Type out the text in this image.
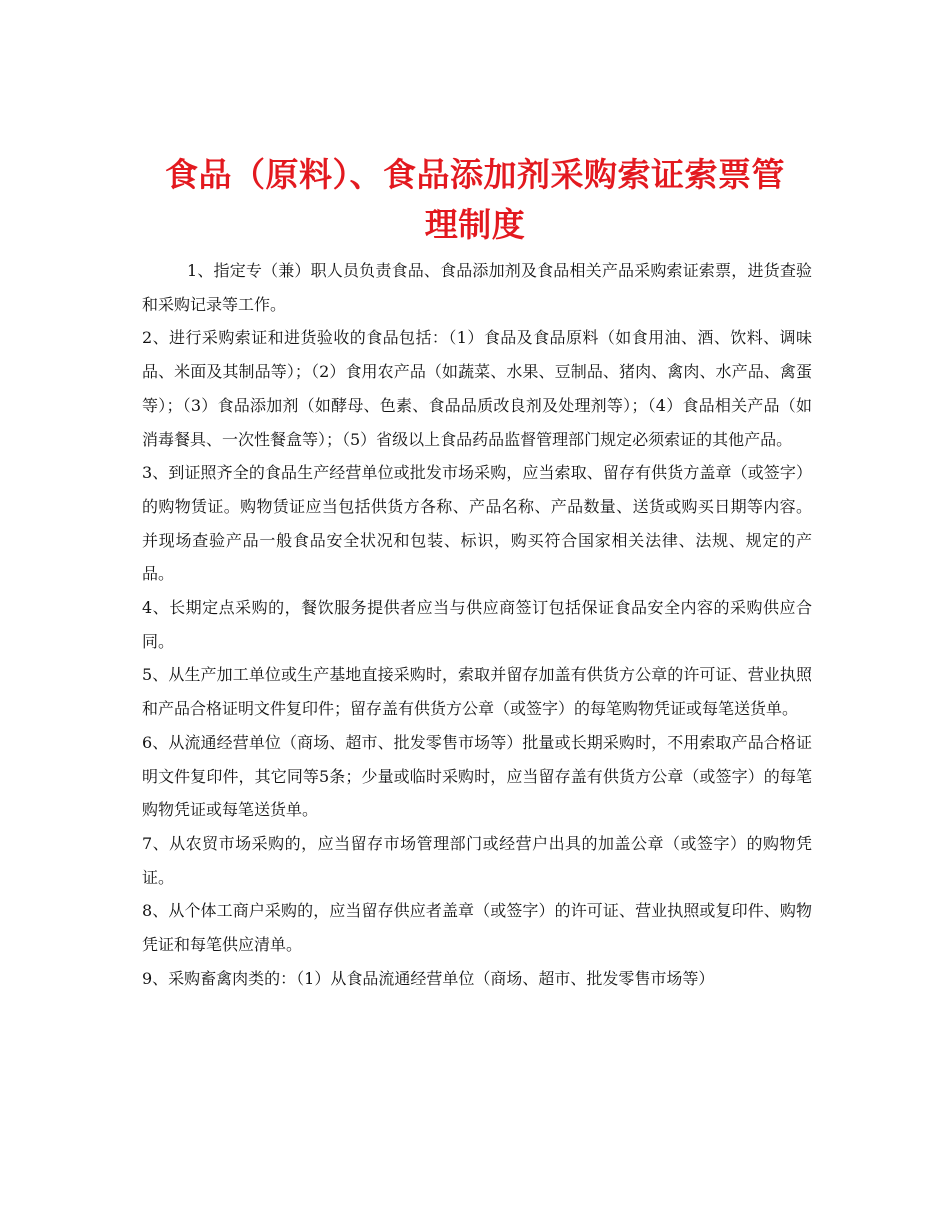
食品（原料）、食品添加剂采购索证索票管
理制度

1、指定专（兼）职人员负责食品、食品添加剂及食品相关产品采购索证索票，进货查验和采购记录等工作。

2、进行采购索证和进货验收的食品包括：（1）食品及食品原料（如食用油、酒、饮料、调味品、米面及其制品等）；（2）食用农产品（如蔬菜、水果、豆制品、猪肉、禽肉、水产品、禽蛋等）；（3）食品添加剂（如酵母、色素、食品品质改良剂及处理剂等）；（4）食品相关产品（如消毒餐具、一次性餐盒等）；（5）省级以上食品药品监督管理部门规定必须索证的其他产品。

3、到证照齐全的食品生产经营单位或批发市场采购，应当索取、留存有供货方盖章（或签字）的购物赁证。购物赁证应当包括供货方各称、产品名称、产品数量、送货或购买日期等内容。并现场查验产品一般食品安全状况和包装、标识，购买符合国家相关法律、法规、规定的产品。

4、长期定点采购的，餐饮服务提供者应当与供应商签订包括保证食品安全内容的采购供应合同。

5、从生产加工单位或生产基地直接采购时，索取并留存加盖有供货方公章的许可证、营业执照和产品合格证明文件复印件；留存盖有供货方公章（或签字）的每笔购物凭证或每笔送货单。

6、从流通经营单位（商场、超市、批发零售市场等）批量或长期采购时，不用索取产品合格证明文件复印件，其它同等5条；少量或临时采购时，应当留存盖有供货方公章（或签字）的每笔购物凭证或每笔送货单。

7、从农贸市场采购的，应当留存市场管理部门或经营户出具的加盖公章（或签字）的购物凭证。

8、从个体工商户采购的，应当留存供应者盖章（或签字）的许可证、营业执照或复印件、购物凭证和每笔供应清单。

9、采购畜禽肉类的：（1）从食品流通经营单位（商场、超市、批发零售市场等）
